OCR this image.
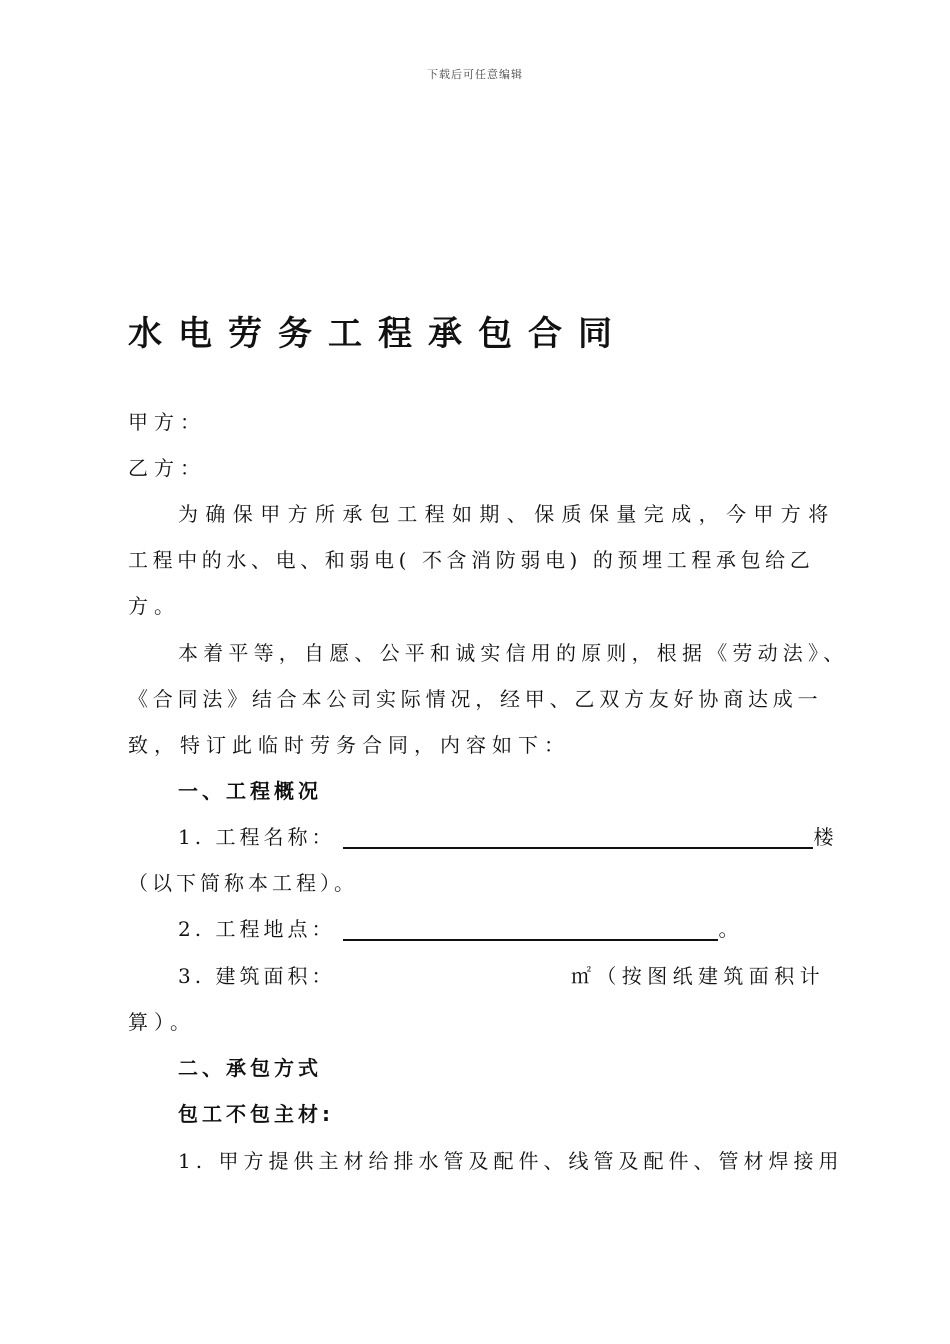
下载后可任意编辑
水电劳务工程承包合同
甲方：
乙方：
为确保甲方所承包工程如期、保质保量完成，今甲方将
工程中的水、电、和弱电( 不含消防弱电) 的预埋工程承包给乙
方。
本着平等，自愿、公平和诚实信用的原则，根据《劳动法》、
《合同法》结合本公司实际情况，经甲、乙双方友好协商达成一
致，特订此临时劳务合同，内容如下：
一、工程概况
1. 工程名称：	楼
（以下简称本工程）。
2. 工程地点：	。
3. 建筑面积：	㎡（按图纸建筑面积计
算）。
二、承包方式
包工不包主材:
1. 甲方提供主材给排水管及配件、线管及配件、管材焊接用
